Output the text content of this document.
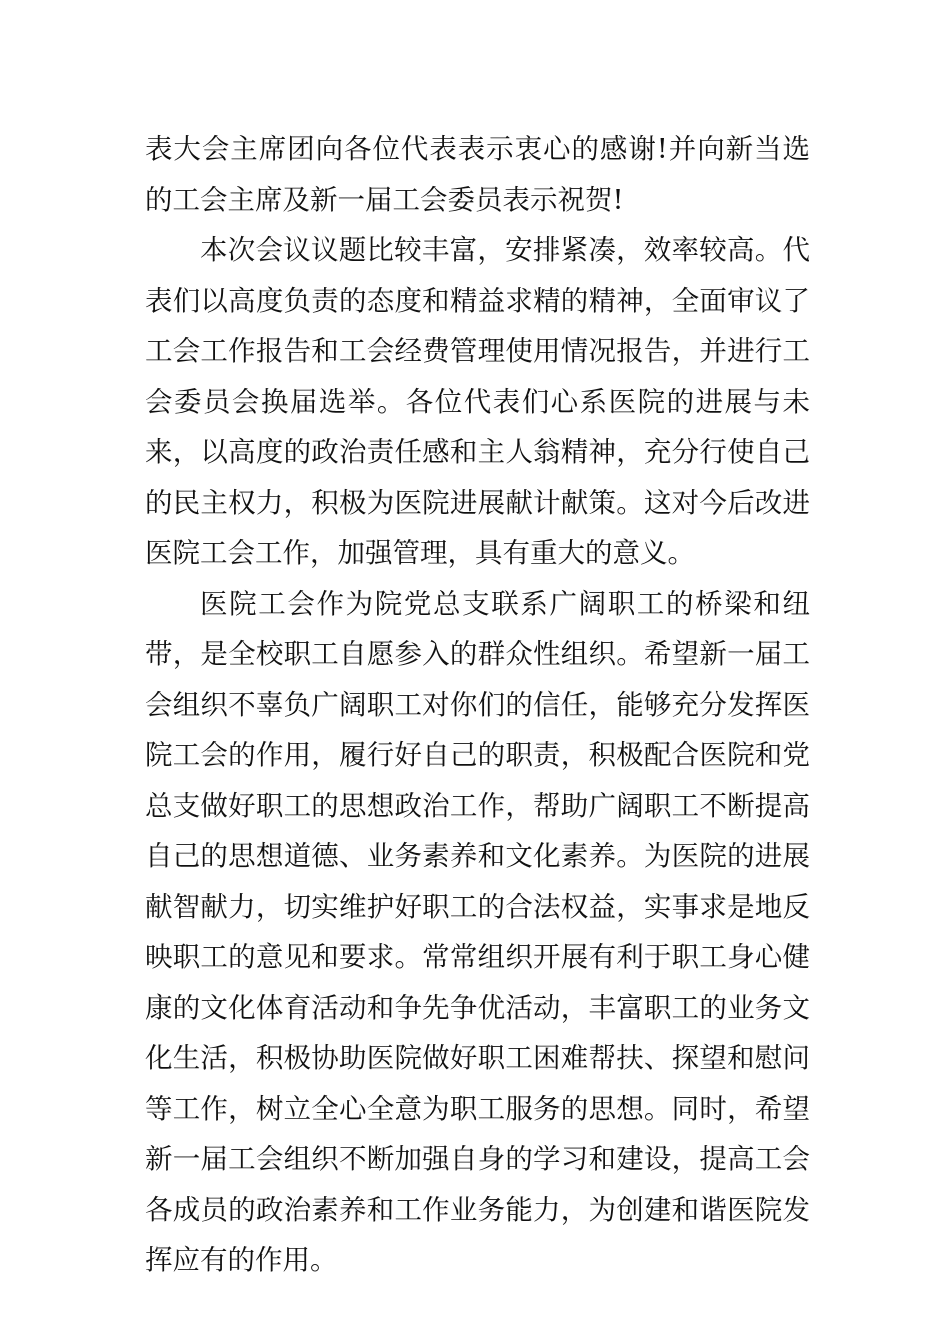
表大会主席团向各位代表表示衷心的感谢!并向新当选的工会主席及新一届工会委员表示祝贺!

本次会议议题比较丰富，安排紧凑，效率较高。代表们以高度负责的态度和精益求精的精神，全面审议了工会工作报告和工会经费管理使用情况报告，并进行工会委员会换届选举。各位代表们心系医院的进展与未来，以高度的政治责任感和主人翁精神，充分行使自己的民主权力，积极为医院进展献计献策。这对今后改进医院工会工作，加强管理，具有重大的意义。

医院工会作为院党总支联系广阔职工的桥梁和纽带，是全校职工自愿参入的群众性组织。希望新一届工会组织不辜负广阔职工对你们的信任，能够充分发挥医院工会的作用，履行好自己的职责，积极配合医院和党总支做好职工的思想政治工作，帮助广阔职工不断提高自己的思想道德、业务素养和文化素养。为医院的进展献智献力，切实维护好职工的合法权益，实事求是地反映职工的意见和要求。常常组织开展有利于职工身心健康的文化体育活动和争先争优活动，丰富职工的业务文化生活，积极协助医院做好职工困难帮扶、探望和慰问等工作，树立全心全意为职工服务的思想。同时，希望新一届工会组织不断加强自身的学习和建设，提高工会各成员的政治素养和工作业务能力，为创建和谐医院发挥应有的作用。
